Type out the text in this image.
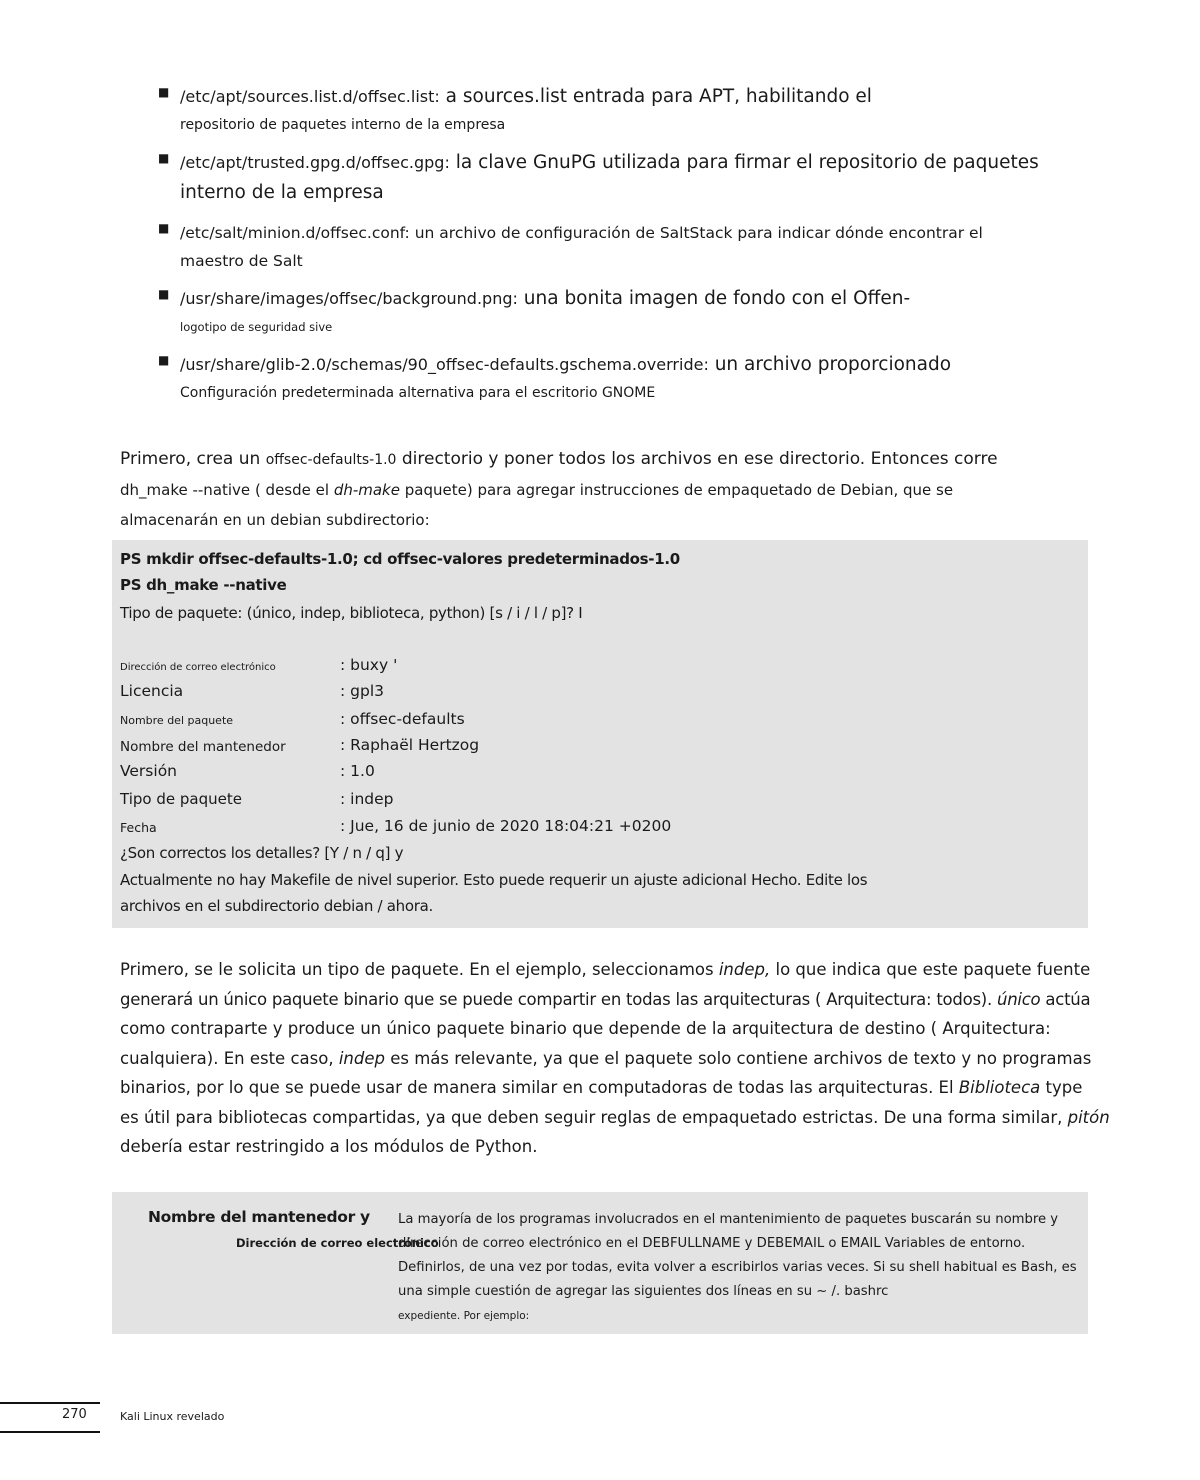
■ /etc/apt/sources.list.d/offsec.list: a sources.list entrada para APT, habilitando el
repositorio de paquetes interno de la empresa
■ /etc/apt/trusted.gpg.d/offsec.gpg: la clave GnuPG utilizada para firmar el repositorio de paquetes
interno de la empresa
■ /etc/salt/minion.d/offsec.conf: un archivo de configuración de SaltStack para indicar dónde encontrar el
maestro de Salt
■ /usr/share/images/offsec/background.png: una bonita imagen de fondo con el Offen-
logotipo de seguridad sive
■ /usr/share/glib-2.0/schemas/90_offsec-defaults.gschema.override: un archivo proporcionado
Configuración predeterminada alternativa para el escritorio GNOME
Primero, crea un offsec-defaults-1.0 directorio y poner todos los archivos en ese directorio. Entonces corre
dh_make --native ( desde el dh-make paquete) para agregar instrucciones de empaquetado de Debian, que se
almacenarán en un debian subdirectorio:
PS mkdir offsec-defaults-1.0; cd offsec-valores predeterminados-1.0
PS dh_make --native
Tipo de paquete: (único, indep, biblioteca, python) [s / i / l / p]? I
Dirección de correo electrónico	: buxy '
Licencia	: gpl3
Nombre del paquete	: offsec-defaults
Nombre del mantenedor	: Raphaël Hertzog
Versión	: 1.0
Tipo de paquete	: indep
Fecha	: Jue, 16 de junio de 2020 18:04:21 +0200
¿Son correctos los detalles? [Y / n / q] y
Actualmente no hay Makefile de nivel superior. Esto puede requerir un ajuste adicional Hecho. Edite los
archivos en el subdirectorio debian / ahora.
Primero, se le solicita un tipo de paquete. En el ejemplo, seleccionamos indep, lo que indica que este paquete fuente
generará un único paquete binario que se puede compartir en todas las arquitecturas ( Arquitectura: todos). único actúa
como contraparte y produce un único paquete binario que depende de la arquitectura de destino ( Arquitectura:
cualquiera). En este caso, indep es más relevante, ya que el paquete solo contiene archivos de texto y no programas
binarios, por lo que se puede usar de manera similar en computadoras de todas las arquitecturas. El Biblioteca type
es útil para bibliotecas compartidas, ya que deben seguir reglas de empaquetado estrictas. De una forma similar, pitón
debería estar restringido a los módulos de Python.
Nombre del mantenedor y
Dirección de correo electrónico
La mayoría de los programas involucrados en el mantenimiento de paquetes buscarán su nombre y
dirección de correo electrónico en el DEBFULLNAME y DEBEMAIL o EMAIL Variables de entorno.
Definirlos, de una vez por todas, evita volver a escribirlos varias veces. Si su shell habitual es Bash, es
una simple cuestión de agregar las siguientes dos líneas en su ~ /. bashrc
expediente. Por ejemplo:
270	Kali Linux revelado
